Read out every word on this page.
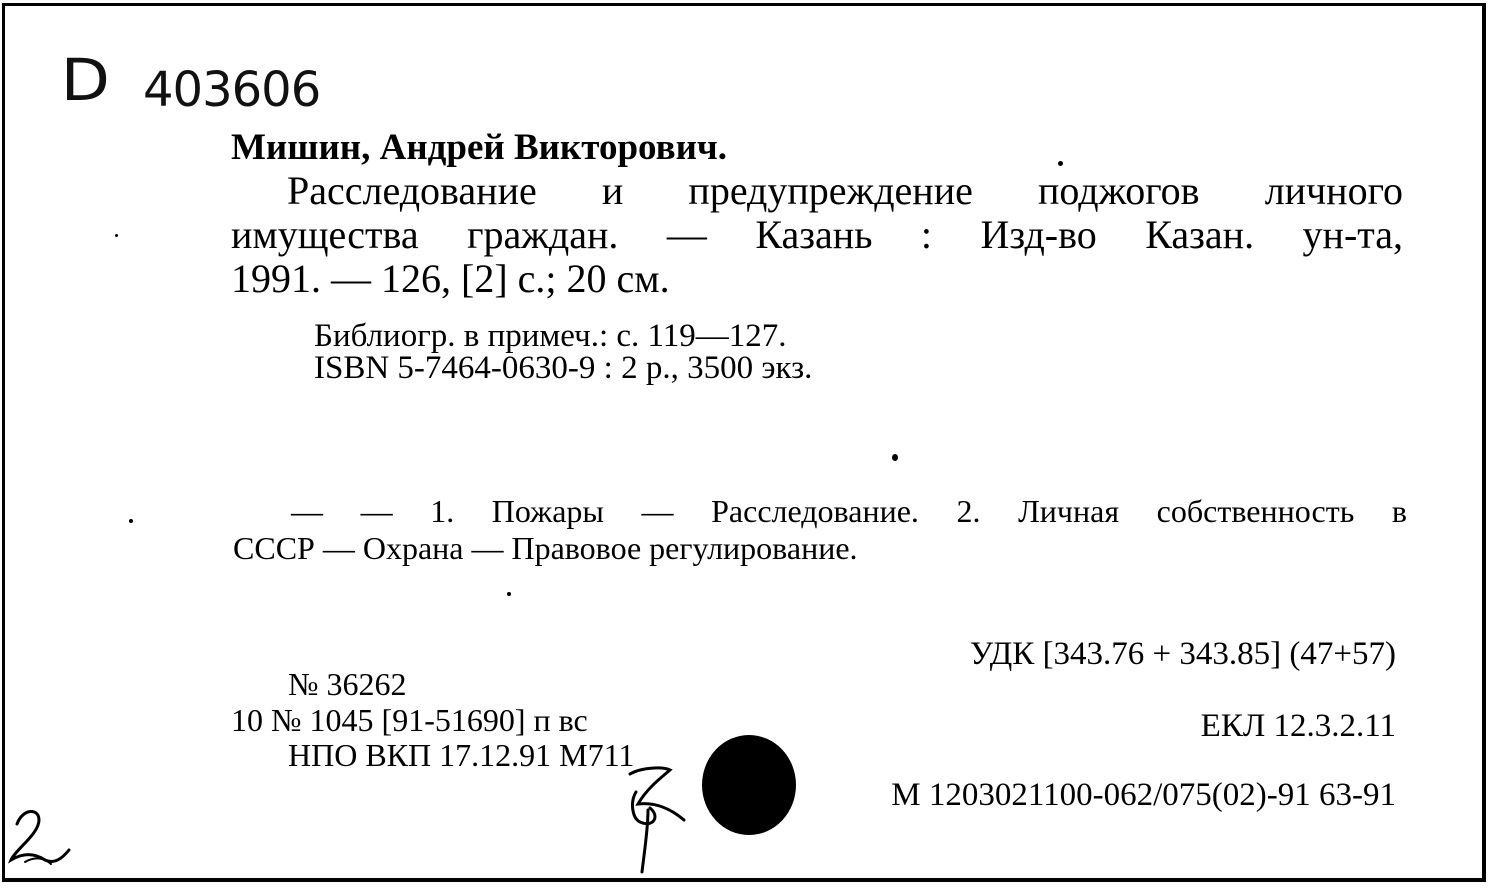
D 403606
Мишин, Андрей Викторович.
Расследование и предупреждение поджогов личного
имущества граждан. — Казань : Изд-во Казан. ун-та,
1991. — 126, [2] с.; 20 см.
Библиогр. в примеч.: с. 119—127.
ISBN 5-7464-0630-9 : 2 р., 3500 экз.
— — 1. Пожары — Расследование. 2. Личная собственность в
СССР — Охрана — Правовое регулирование.
УДК [343.76 + 343.85] (47+57)
ЕКЛ 12.3.2.11
М 1203021100-062/075(02)-91 63-91
№ 36262
10 № 1045 [91-51690] п вс
НПО ВКП 17.12.91 М711
